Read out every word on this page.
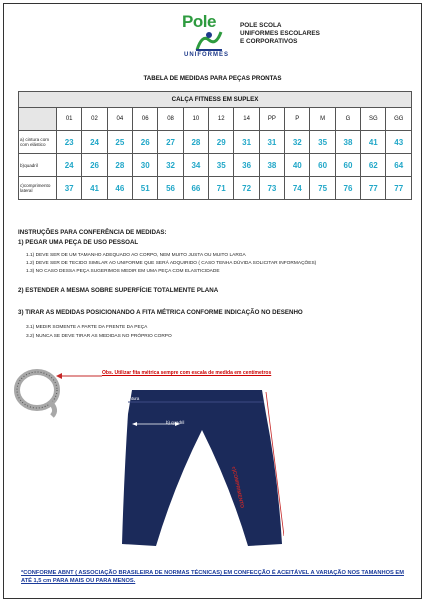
Pole
UNIFORMES
POLE SCOLA
UNIFORMES ESCOLARES
E CORPORATIVOS
TABELA DE MEDIDAS PARA PEÇAS PRONTAS
CALÇA FITNESS EM SUPLEX														
	01	02	04	06	08	10	12	14	PP	P	M	G	SG	GG
a) cintura com com elástico	23	24	25	26	27	28	29	31	31	32	35	38	41	43
b)quadril	24	26	28	30	32	34	35	36	38	40	60	60	62	64
c)comprimento lateral	37	41	46	51	56	66	71	72	73	74	75	76	77	77
INSTRUÇÕES PARA CONFERÊNCIA DE MEDIDAS:
1) PEGAR UMA PEÇA DE USO PESSOAL
1.1) DEVE SER DE UM TAMANHO ADEQUADO AO CORPO, NEM MUITO JUSTA OU MUITO LARGA
1.2) DEVE SER DE TECIDO SIMILAR AO UNIFORME QUE SERÁ ADQUIRIDO ( CASO TENHA DÚVIDA SOLICITAR INFORMAÇÕES)
1.3) NO CASO DESSA PEÇA SUGERIMOS MEDIR EM UMA PEÇA COM ELASTICIDADE
2) ESTENDER A MESMA SOBRE SUPERFÍCIE TOTALMENTE PLANA
3) TIRAR AS MEDIDAS POSICIONANDO A FITA MÉTRICA CONFORME INDICAÇÃO NO DESENHO
3.1) MEDIR SOMENTE A PARTE DA FRENTE DA PEÇA
3.2) NUNCA SE DEVE TIRAR AS MEDIDAS NO PRÓPRIO CORPO
Obs. Utilizar fita métrica sempre com escala de medida em centímetros
a) cintura
b) quadril
c)COMPRIMENTO
*CONFORME ABNT ( ASSOCIAÇÃO BRASILEIRA DE NORMAS TÉCNICAS) EM CONFECÇÃO É ACEITÁVEL A VARIAÇÃO NOS TAMANHOS EM ATÉ 1,5 cm PARA MAIS OU PARA MENOS.
